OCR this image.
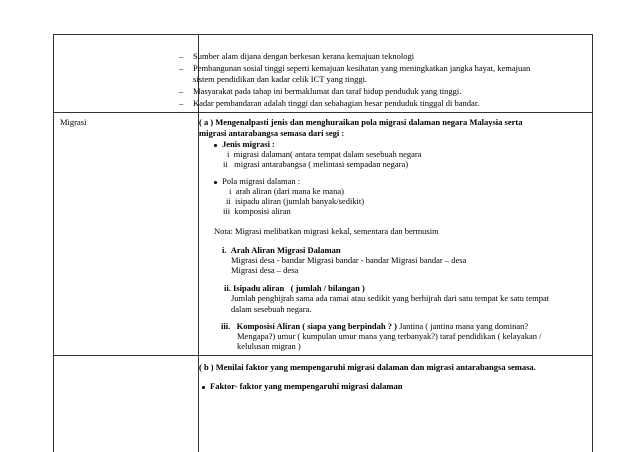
– Sumber alam dijana dengan berkesan kerana kemajuan teknologi
– Pembangunan sosial tinggi seperti kemajuan kesihatan yang meningkatkan jangka hayat, kemajuan sistem pendidikan dan kadar celik ICT yang tinggi.
– Masyarakat pada tahap ini bermaklumat dan taraf hidup penduduk yang tinggi.
– Kadar pembandaran adalah tinggi dan sebahagian besar penduduk tinggal di bandar.
Migrasi	( a ) Mengenalpasti jenis dan menghuraikan pola migrasi dalaman negara Malaysia serta migrasi antarabangsa semasa dari segi :
Jenis migrasi :
i migrasi dalaman( antara tempat dalam sesebuah negara
ii migrasi antarabangsa ( melintasi sempadan negara)
Pola migrasi dalaman :
i arah aliran (dari mana ke mana)
ii isipadu aliran (jumlah banyak/sedikit)
iii komposisi aliran
Nota: Migrasi melibatkan migrasi kekal, sementara dan bermusim
i. Arah Aliran Migrasi Dalaman
Migrasi desa - bandar Migrasi bandar - bandar Migrasi bandar – desa
Migrasi desa – desa
ii. Isipadu aliran ( jumlah / bilangan )
Jumlah penghijrah sama ada ramai atau sedikit yang berhijrah dari satu tempat ke satu tempat dalam sesebuah negara.
iii. Komposisi Aliran ( siapa yang berpindah ? ) Jantina ( jantina mana yang dominan?
Mengapa?) umur ( kumpulan umur mana yang terbanyak?) taraf pendidikan ( kelayakan /
kelulusan migran )
( b ) Menilai faktor yang mempengaruhi migrasi dalaman dan migrasi antarabangsa semasa.
Faktor- faktor yang mempengaruhi migrasi dalaman
